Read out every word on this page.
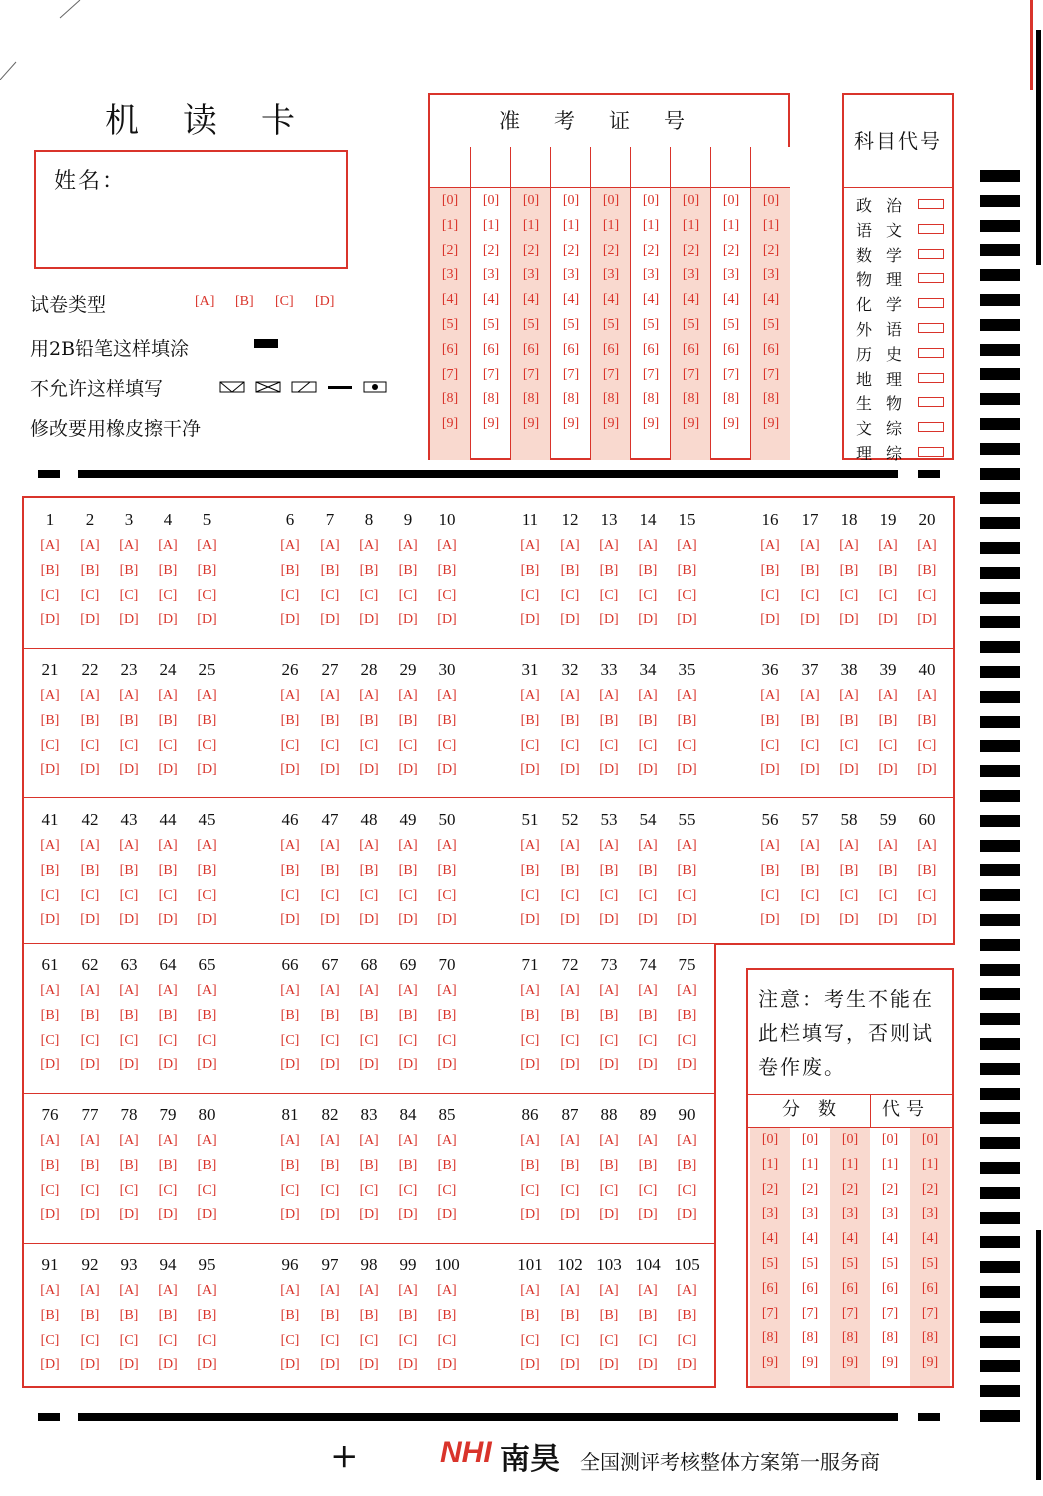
机读卡
姓名：
试卷类型	[A] [B] [C] [D]
用2B铅笔这样填涂
不允许这样填写
修改要用橡皮擦干净
准考证号
[0]
[1]
[2]
[3]
[4]
[5]
[6]
[7]
[8]
[9]
[0]
[1]
[2]
[3]
[4]
[5]
[6]
[7]
[8]
[9]
[0]
[1]
[2]
[3]
[4]
[5]
[6]
[7]
[8]
[9]
[0]
[1]
[2]
[3]
[4]
[5]
[6]
[7]
[8]
[9]
[0]
[1]
[2]
[3]
[4]
[5]
[6]
[7]
[8]
[9]
[0]
[1]
[2]
[3]
[4]
[5]
[6]
[7]
[8]
[9]
[0]
[1]
[2]
[3]
[4]
[5]
[6]
[7]
[8]
[9]
[0]
[1]
[2]
[3]
[4]
[5]
[6]
[7]
[8]
[9]
[0]
[1]
[2]
[3]
[4]
[5]
[6]
[7]
[8]
[9]
科目代号
政治
语文
数学
物理
化学
外语
历史
地理
生物
文综
理综
1
[A]
[B]
[C]
[D]
2
[A]
[B]
[C]
[D]
3
[A]
[B]
[C]
[D]
4
[A]
[B]
[C]
[D]
5
[A]
[B]
[C]
[D]
6
[A]
[B]
[C]
[D]
7
[A]
[B]
[C]
[D]
8
[A]
[B]
[C]
[D]
9
[A]
[B]
[C]
[D]
10
[A]
[B]
[C]
[D]
11
[A]
[B]
[C]
[D]
12
[A]
[B]
[C]
[D]
13
[A]
[B]
[C]
[D]
14
[A]
[B]
[C]
[D]
15
[A]
[B]
[C]
[D]
16
[A]
[B]
[C]
[D]
17
[A]
[B]
[C]
[D]
18
[A]
[B]
[C]
[D]
19
[A]
[B]
[C]
[D]
20
[A]
[B]
[C]
[D]
21
[A]
[B]
[C]
[D]
22
[A]
[B]
[C]
[D]
23
[A]
[B]
[C]
[D]
24
[A]
[B]
[C]
[D]
25
[A]
[B]
[C]
[D]
26
[A]
[B]
[C]
[D]
27
[A]
[B]
[C]
[D]
28
[A]
[B]
[C]
[D]
29
[A]
[B]
[C]
[D]
30
[A]
[B]
[C]
[D]
31
[A]
[B]
[C]
[D]
32
[A]
[B]
[C]
[D]
33
[A]
[B]
[C]
[D]
34
[A]
[B]
[C]
[D]
35
[A]
[B]
[C]
[D]
36
[A]
[B]
[C]
[D]
37
[A]
[B]
[C]
[D]
38
[A]
[B]
[C]
[D]
39
[A]
[B]
[C]
[D]
40
[A]
[B]
[C]
[D]
41
[A]
[B]
[C]
[D]
42
[A]
[B]
[C]
[D]
43
[A]
[B]
[C]
[D]
44
[A]
[B]
[C]
[D]
45
[A]
[B]
[C]
[D]
46
[A]
[B]
[C]
[D]
47
[A]
[B]
[C]
[D]
48
[A]
[B]
[C]
[D]
49
[A]
[B]
[C]
[D]
50
[A]
[B]
[C]
[D]
51
[A]
[B]
[C]
[D]
52
[A]
[B]
[C]
[D]
53
[A]
[B]
[C]
[D]
54
[A]
[B]
[C]
[D]
55
[A]
[B]
[C]
[D]
56
[A]
[B]
[C]
[D]
57
[A]
[B]
[C]
[D]
58
[A]
[B]
[C]
[D]
59
[A]
[B]
[C]
[D]
60
[A]
[B]
[C]
[D]
61
[A]
[B]
[C]
[D]
62
[A]
[B]
[C]
[D]
63
[A]
[B]
[C]
[D]
64
[A]
[B]
[C]
[D]
65
[A]
[B]
[C]
[D]
66
[A]
[B]
[C]
[D]
67
[A]
[B]
[C]
[D]
68
[A]
[B]
[C]
[D]
69
[A]
[B]
[C]
[D]
70
[A]
[B]
[C]
[D]
71
[A]
[B]
[C]
[D]
72
[A]
[B]
[C]
[D]
73
[A]
[B]
[C]
[D]
74
[A]
[B]
[C]
[D]
75
[A]
[B]
[C]
[D]
76
[A]
[B]
[C]
[D]
77
[A]
[B]
[C]
[D]
78
[A]
[B]
[C]
[D]
79
[A]
[B]
[C]
[D]
80
[A]
[B]
[C]
[D]
81
[A]
[B]
[C]
[D]
82
[A]
[B]
[C]
[D]
83
[A]
[B]
[C]
[D]
84
[A]
[B]
[C]
[D]
85
[A]
[B]
[C]
[D]
86
[A]
[B]
[C]
[D]
87
[A]
[B]
[C]
[D]
88
[A]
[B]
[C]
[D]
89
[A]
[B]
[C]
[D]
90
[A]
[B]
[C]
[D]
91
[A]
[B]
[C]
[D]
92
[A]
[B]
[C]
[D]
93
[A]
[B]
[C]
[D]
94
[A]
[B]
[C]
[D]
95
[A]
[B]
[C]
[D]
96
[A]
[B]
[C]
[D]
97
[A]
[B]
[C]
[D]
98
[A]
[B]
[C]
[D]
99
[A]
[B]
[C]
[D]
100
[A]
[B]
[C]
[D]
101
[A]
[B]
[C]
[D]
102
[A]
[B]
[C]
[D]
103
[A]
[B]
[C]
[D]
104
[A]
[B]
[C]
[D]
105
[A]
[B]
[C]
[D]
注意：考生不能在此栏填写，否则试卷作废。
分数 代号
[0]
[1]
[2]
[3]
[4]
[5]
[6]
[7]
[8]
[9]
[0]
[1]
[2]
[3]
[4]
[5]
[6]
[7]
[8]
[9]
[0]
[1]
[2]
[3]
[4]
[5]
[6]
[7]
[8]
[9]
[0]
[1]
[2]
[3]
[4]
[5]
[6]
[7]
[8]
[9]
[0]
[1]
[2]
[3]
[4]
[5]
[6]
[7]
[8]
[9]
+	NHI 南昊 全国测评考核整体方案第一服务商
